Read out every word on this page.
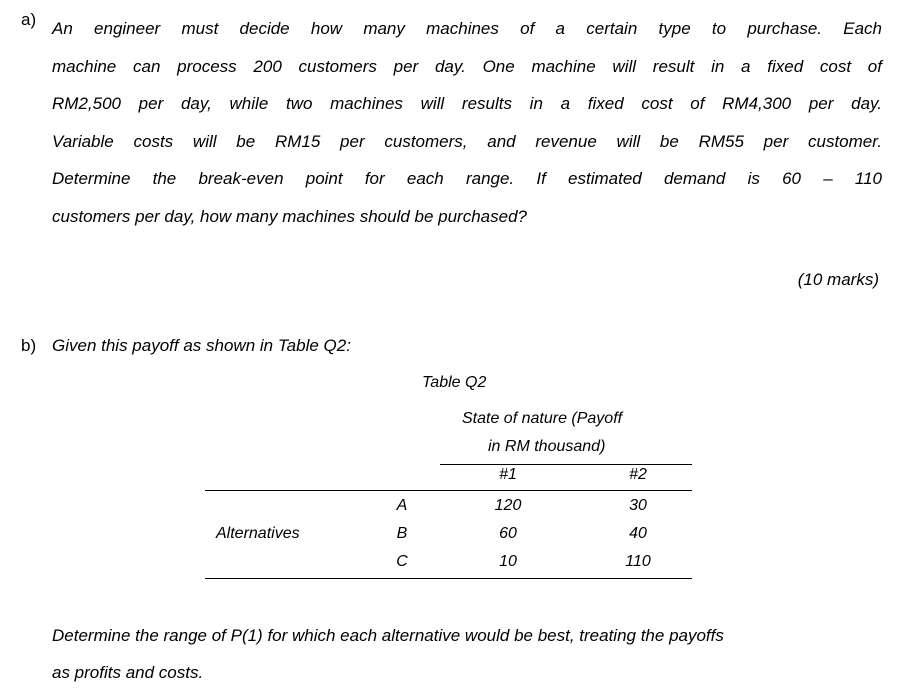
a) An engineer must decide how many machines of a certain type to purchase. Each
machine can process 200 customers per day. One machine will result in a fixed cost of
RM2,500 per day, while two machines will results in a fixed cost of RM4,300 per day.
Variable costs will be RM15 per customers, and revenue will be RM55 per customer.
Determine the break-even point for each range. If estimated demand is 60 – 110
customers per day, how many machines should be purchased?
(10 marks)
b) Given this payoff as shown in Table Q2:
Table Q2
State of nature (Payoff
in RM thousand)
#1	#2
Alternatives
A	120	30
B	60	40
C	10	110
Determine the range of P(1) for which each alternative would be best, treating the payoffs
as profits and costs.
